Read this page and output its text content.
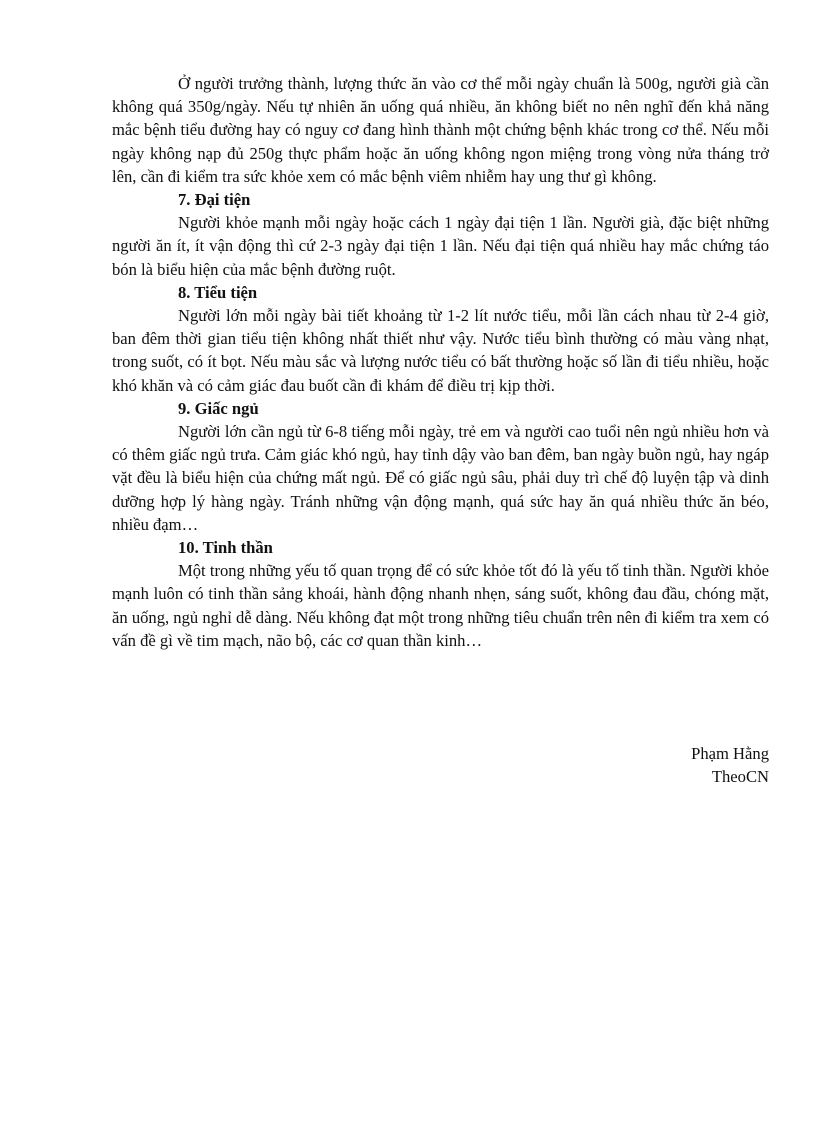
Ở người trưởng thành, lượng thức ăn vào cơ thể mỗi ngày chuẩn là 500g, người già cần không quá 350g/ngày. Nếu tự nhiên ăn uống quá nhiều, ăn không biết no nên nghĩ đến khả năng mắc bệnh tiểu đường hay có nguy cơ đang hình thành một chứng bệnh khác trong cơ thể. Nếu mỗi ngày không nạp đủ 250g thực phẩm hoặc ăn uống không ngon miệng trong vòng nửa tháng trở lên, cần đi kiểm tra sức khỏe xem có mắc bệnh viêm nhiễm hay ung thư gì không.

7. Đại tiện

Người khỏe mạnh mỗi ngày hoặc cách 1 ngày đại tiện 1 lần. Người già, đặc biệt những người ăn ít, ít vận động thì cứ 2-3 ngày đại tiện 1 lần. Nếu đại tiện quá nhiều hay mắc chứng táo bón là biểu hiện của mắc bệnh đường ruột.

8. Tiểu tiện

Người lớn mỗi ngày bài tiết khoảng từ 1-2 lít nước tiểu, mỗi lần cách nhau từ 2-4 giờ, ban đêm thời gian tiểu tiện không nhất thiết như vậy. Nước tiểu bình thường có màu vàng nhạt, trong suốt, có ít bọt. Nếu màu sắc và lượng nước tiểu có bất thường hoặc số lần đi tiểu nhiều, hoặc khó khăn và có cảm giác đau buốt cần đi khám để điều trị kịp thời.

9. Giấc ngủ

Người lớn cần ngủ từ 6-8 tiếng mỗi ngày, trẻ em và người cao tuổi nên ngủ nhiều hơn và có thêm giấc ngủ trưa. Cảm giác khó ngủ, hay tỉnh dậy vào ban đêm, ban ngày buồn ngủ, hay ngáp vặt đều là biểu hiện của chứng mất ngủ. Để có giấc ngủ sâu, phải duy trì chế độ luyện tập và dinh dưỡng hợp lý hàng ngày. Tránh những vận động mạnh, quá sức hay ăn quá nhiều thức ăn béo, nhiều đạm…

10. Tinh thần

Một trong những yếu tố quan trọng để có sức khỏe tốt đó là yếu tố tinh thần. Người khỏe mạnh luôn có tinh thần sảng khoái, hành động nhanh nhẹn, sáng suốt, không đau đầu, chóng mặt, ăn uống, ngủ nghỉ dễ dàng. Nếu không đạt một trong những tiêu chuẩn trên nên đi kiểm tra xem có vấn đề gì về tim mạch, não bộ, các cơ quan thần kinh…

Phạm Hằng
TheoCN
